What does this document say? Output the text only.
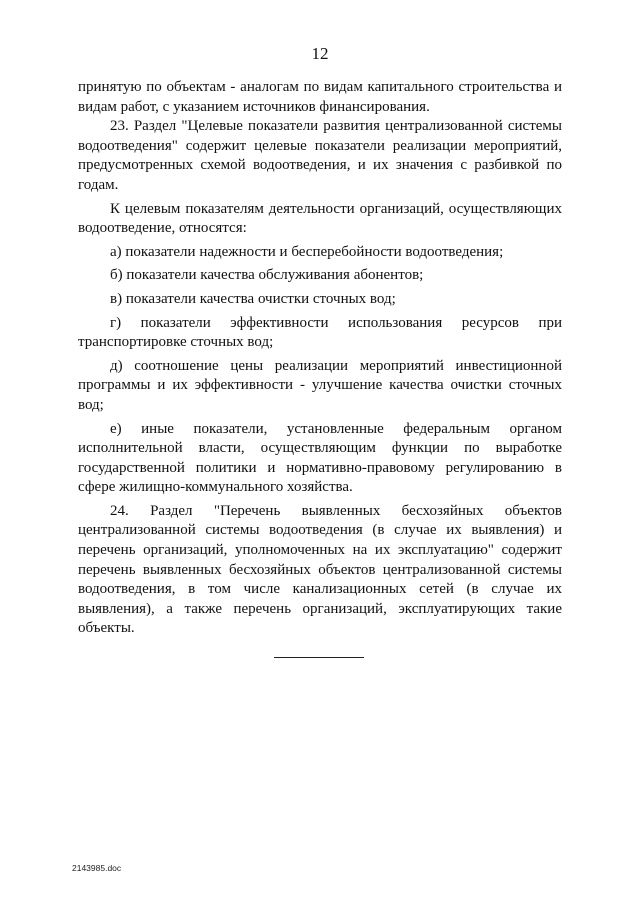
12

принятую по объектам - аналогам по видам капитального строительства и видам работ, с указанием источников финансирования.

23. Раздел "Целевые показатели развития централизованной системы водоотведения" содержит целевые показатели реализации мероприятий, предусмотренных схемой водоотведения, и их значения с разбивкой по годам.

К целевым показателям деятельности организаций, осуществляющих водоотведение, относятся:

а) показатели надежности и бесперебойности водоотведения;

б) показатели качества обслуживания абонентов;

в) показатели качества очистки сточных вод;

г) показатели эффективности использования ресурсов при транспортировке сточных вод;

д) соотношение цены реализации мероприятий инвестиционной программы и их эффективности - улучшение качества очистки сточных вод;

е) иные показатели, установленные федеральным органом исполнительной власти, осуществляющим функции по выработке государственной политики и нормативно-правовому регулированию в сфере жилищно-коммунального хозяйства.

24. Раздел "Перечень выявленных бесхозяйных объектов централизованной системы водоотведения (в случае их выявления) и перечень организаций, уполномоченных на их эксплуатацию" содержит перечень выявленных бесхозяйных объектов централизованной системы водоотведения, в том числе канализационных сетей (в случае их выявления), а также перечень организаций, эксплуатирующих такие объекты.

2143985.doc
